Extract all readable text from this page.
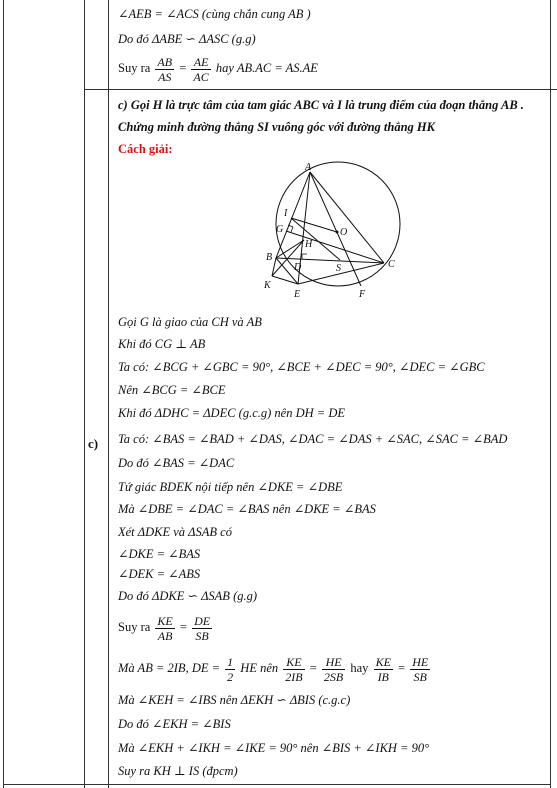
∠AEB = ∠ACS (cùng chắn cung AB )
Do đó ΔABE ∽ ΔASC (g.g)
Suy ra $\frac{AB}{AS} = \frac{AE}{AC}$ hay AB.AC = AS.AE
c) Gọi H là trực tâm của tam giác ABC và I là trung điểm của đoạn thẳng AB .
Chứng minh đường thẳng SI vuông góc với đường thẳng HK
Cách giải:
c)
A
I
G	O
H
B
D	S	C
K
E	F
Gọi G là giao của CH và AB
Khi đó CG ⊥ AB
Ta có: ∠BCG + ∠GBC = 90°, ∠BCE + ∠DEC = 90°, ∠DEC = ∠GBC
Nên ∠BCG = ∠BCE
Khi đó ΔDHC = ΔDEC (g.c.g) nên DH = DE
Ta có: ∠BAS = ∠BAD + ∠DAS, ∠DAC = ∠DAS + ∠SAC, ∠SAC = ∠BAD
Do đó ∠BAS = ∠DAC
Tứ giác BDEK nội tiếp nên ∠DKE = ∠DBE
Mà ∠DBE = ∠DAC = ∠BAS nên ∠DKE = ∠BAS
Xét ΔDKE và ΔSAB có
∠DKE = ∠BAS
∠DEK = ∠ABS
Do đó ΔDKE ∽ ΔSAB (g.g)
Suy ra $\frac{KE}{AB} = \frac{DE}{SB}$
Mà AB = 2IB, DE = $\frac{1}{2}$ HE nên $\frac{KE}{2IB} = \frac{HE}{2SB}$ hay $\frac{KE}{IB} = \frac{HE}{SB}$
Mà ∠KEH = ∠IBS nên ΔEKH ∽ ΔBIS (c.g.c)
Do đó ∠EKH = ∠BIS
Mà ∠EKH + ∠IKH = ∠IKE = 90° nên ∠BIS + ∠IKH = 90°
Suy ra KH ⊥ IS (đpcm)
